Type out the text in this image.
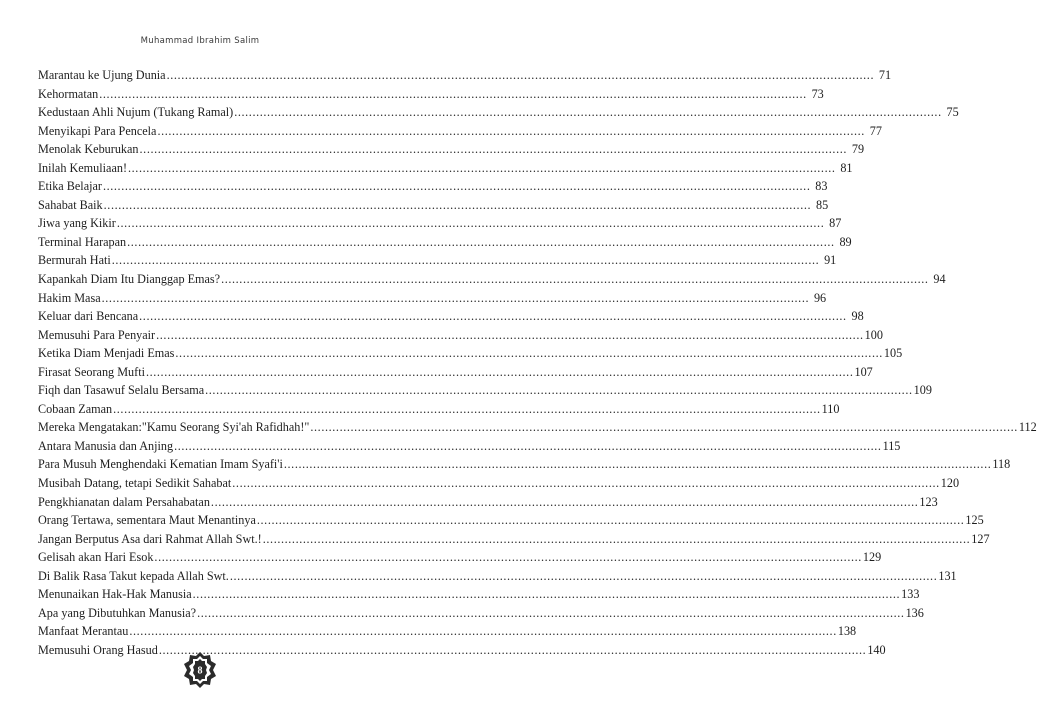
Muhammad Ibrahim Salim
Marantau ke Ujung Dunia .....	71
Kehormatan .....	73
Kedustaan Ahli Nujum (Tukang Ramal) .....	75
Menyikapi Para Pencela .....	77
Menolak Keburukan .....	79
Inilah Kemuliaan! .....	81
Etika Belajar .....	83
Sahabat Baik .....	85
Jiwa yang Kikir .....	87
Terminal Harapan .....	89
Bermurah Hati .....	91
Kapankah Diam Itu Dianggap Emas? .....	94
Hakim Masa .....	96
Keluar dari Bencana .....	98
Memusuhi Para Penyair .....	100
Ketika Diam Menjadi Emas .....	105
Firasat Seorang Mufti .....	107
Fiqh dan Tasawuf Selalu Bersama .....	109
Cobaan Zaman .....	110
Mereka Mengatakan:"Kamu Seorang Syi'ah Rafidhah!" .....	112
Antara Manusia dan Anjing .....	115
Para Musuh Menghendaki Kematian Imam Syafi'i .....	118
Musibah Datang, tetapi Sedikit Sahabat .....	120
Pengkhianatan dalam Persahabatan .....	123
Orang Tertawa, sementara Maut Menantinya .....	125
Jangan Berputus Asa dari Rahmat Allah Swt.! .....	127
Gelisah akan Hari Esok .....	129
Di Balik Rasa Takut kepada Allah Swt. .....	131
Menunaikan Hak-Hak Manusia .....	133
Apa yang Dibutuhkan Manusia? .....	136
Manfaat Merantau .....	138
Memusuhi Orang Hasud .....	140
8
